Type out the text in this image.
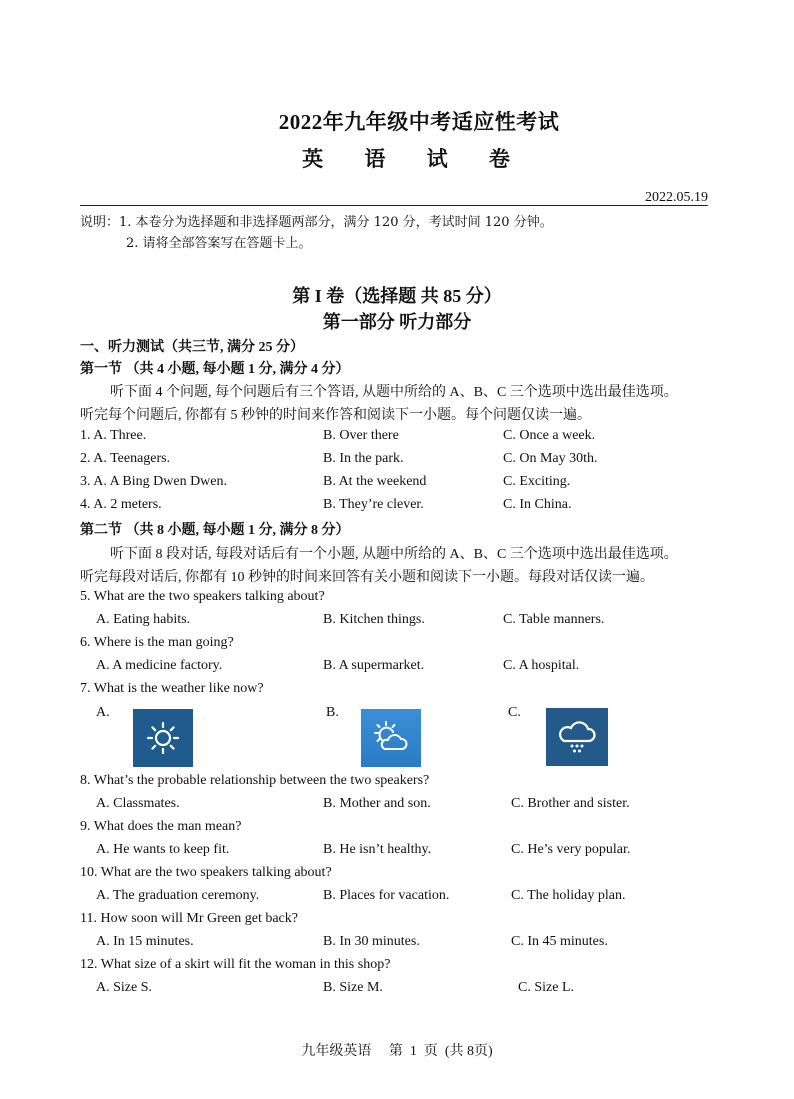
2022年九年级中考适应性考试
英 语 试 卷
2022.05.19
说明：1. 本卷分为选择题和非选择题两部分，满分 120 分，考试时间 120 分钟。
2. 请将全部答案写在答题卡上。
第 I 卷（选择题 共 85 分）
第一部分 听力部分
一、听力测试（共三节, 满分 25 分）
第一节 （共 4 小题, 每小题 1 分, 满分 4 分）
听下面 4 个问题, 每个问题后有三个答语, 从题中所给的 A、B、C 三个选项中选出最佳选项。
听完每个问题后, 你都有 5 秒钟的时间来作答和阅读下一小题。每个问题仅读一遍。
1. A. Three.	B. Over there	C. Once a week.
2. A. Teenagers.	B. In the park.	C. On May 30th.
3. A. A Bing Dwen Dwen.	B. At the weekend	C. Exciting.
4. A. 2 meters.	B. They’re clever.	C. In China.
第二节 （共 8 小题, 每小题 1 分, 满分 8 分）
听下面 8 段对话, 每段对话后有一个小题, 从题中所给的 A、B、C 三个选项中选出最佳选项。
听完每段对话后, 你都有 10 秒钟的时间来回答有关小题和阅读下一小题。每段对话仅读一遍。
5. What are the two speakers talking about?
A. Eating habits.	B. Kitchen things.	C. Table manners.
6. Where is the man going?
A. A medicine factory.	B. A supermarket.	C. A hospital.
7. What is the weather like now?
A.	B.	C.
8. What’s the probable relationship between the two speakers?
A. Classmates.	B. Mother and son.	C. Brother and sister.
9. What does the man mean?
A. He wants to keep fit.	B. He isn’t healthy.	C. He’s very popular.
10. What are the two speakers talking about?
A. The graduation ceremony.	B. Places for vacation.	C. The holiday plan.
11. How soon will Mr Green get back?
A. In 15 minutes.	B. In 30 minutes.	C. In 45 minutes.
12. What size of a skirt will fit the woman in this shop?
A. Size S.	B. Size M.	C. Size L.
九年级英语     第  1  页  (共 8页)
